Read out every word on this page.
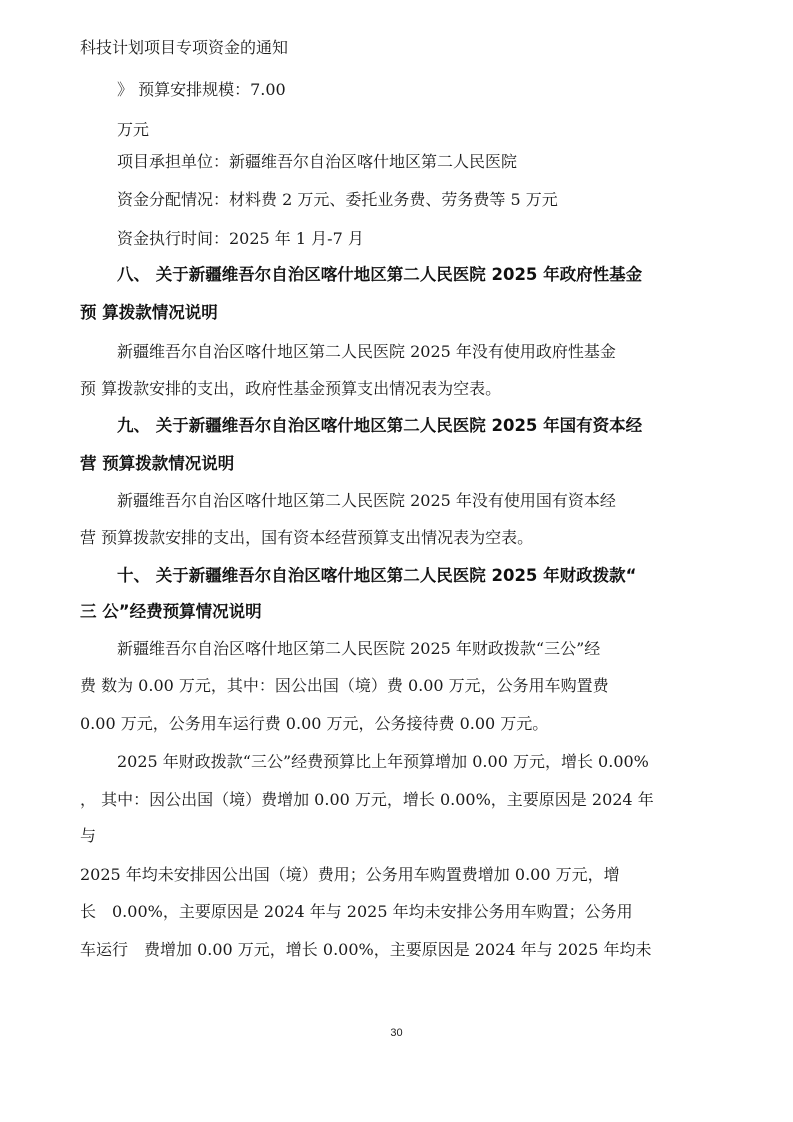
科技计划项目专项资金的通知
》 预算安排规模：7.00
万元
项目承担单位：新疆维吾尔自治区喀什地区第二人民医院
资金分配情况：材料费 2 万元、委托业务费、劳务费等 5 万元
资金执行时间：2025 年 1 月-7 月
八、 关于新疆维吾尔自治区喀什地区第二人民医院 2025 年政府性基金
预 算拨款情况说明
新疆维吾尔自治区喀什地区第二人民医院 2025 年没有使用政府性基金
预 算拨款安排的支出，政府性基金预算支出情况表为空表。
九、 关于新疆维吾尔自治区喀什地区第二人民医院 2025 年国有资本经
营 预算拨款情况说明
新疆维吾尔自治区喀什地区第二人民医院 2025 年没有使用国有资本经
营 预算拨款安排的支出，国有资本经营预算支出情况表为空表。
十、 关于新疆维吾尔自治区喀什地区第二人民医院 2025 年财政拨款“
三 公”经费预算情况说明
新疆维吾尔自治区喀什地区第二人民医院 2025 年财政拨款“三公”经
费 数为 0.00 万元，其中：因公出国（境）费 0.00 万元，公务用车购置费
0.00 万元，公务用车运行费 0.00 万元，公务接待费 0.00 万元。
2025 年财政拨款“三公”经费预算比上年预算增加 0.00 万元，增长 0.00%
， 其中：因公出国（境）费增加 0.00 万元，增长 0.00%，主要原因是 2024 年
与
2025 年均未安排因公出国（境）费用；公务用车购置费增加 0.00 万元，增
长　0.00%，主要原因是 2024 年与 2025 年均未安排公务用车购置；公务用
车运行　费增加 0.00 万元，增长 0.00%，主要原因是 2024 年与 2025 年均未
30
